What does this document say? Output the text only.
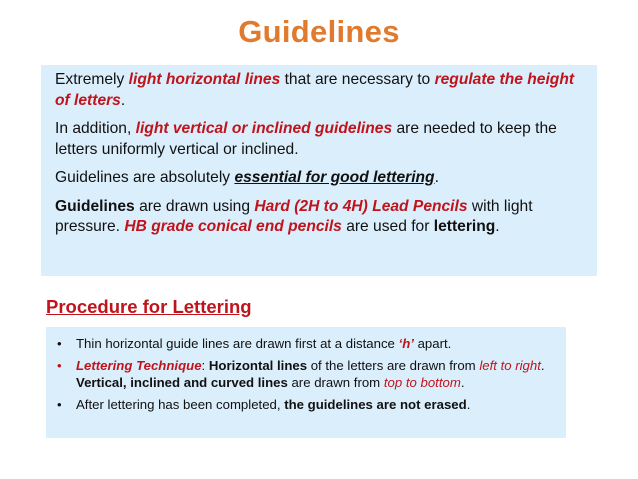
Guidelines

Extremely light horizontal lines that are necessary to regulate the height of letters.

In addition, light vertical or inclined guidelines are needed to keep the letters uniformly vertical or inclined.

Guidelines are absolutely essential for good lettering.

Guidelines are drawn using Hard (2H to 4H) Lead Pencils with light pressure. HB grade conical end pencils are used for lettering.

Procedure for Lettering
• Thin horizontal guide lines are drawn first at a distance ‘h’ apart.
• Lettering Technique: Horizontal lines of the letters are drawn from left to right. Vertical, inclined and curved lines are drawn from top to bottom.
• After lettering has been completed, the guidelines are not erased.
